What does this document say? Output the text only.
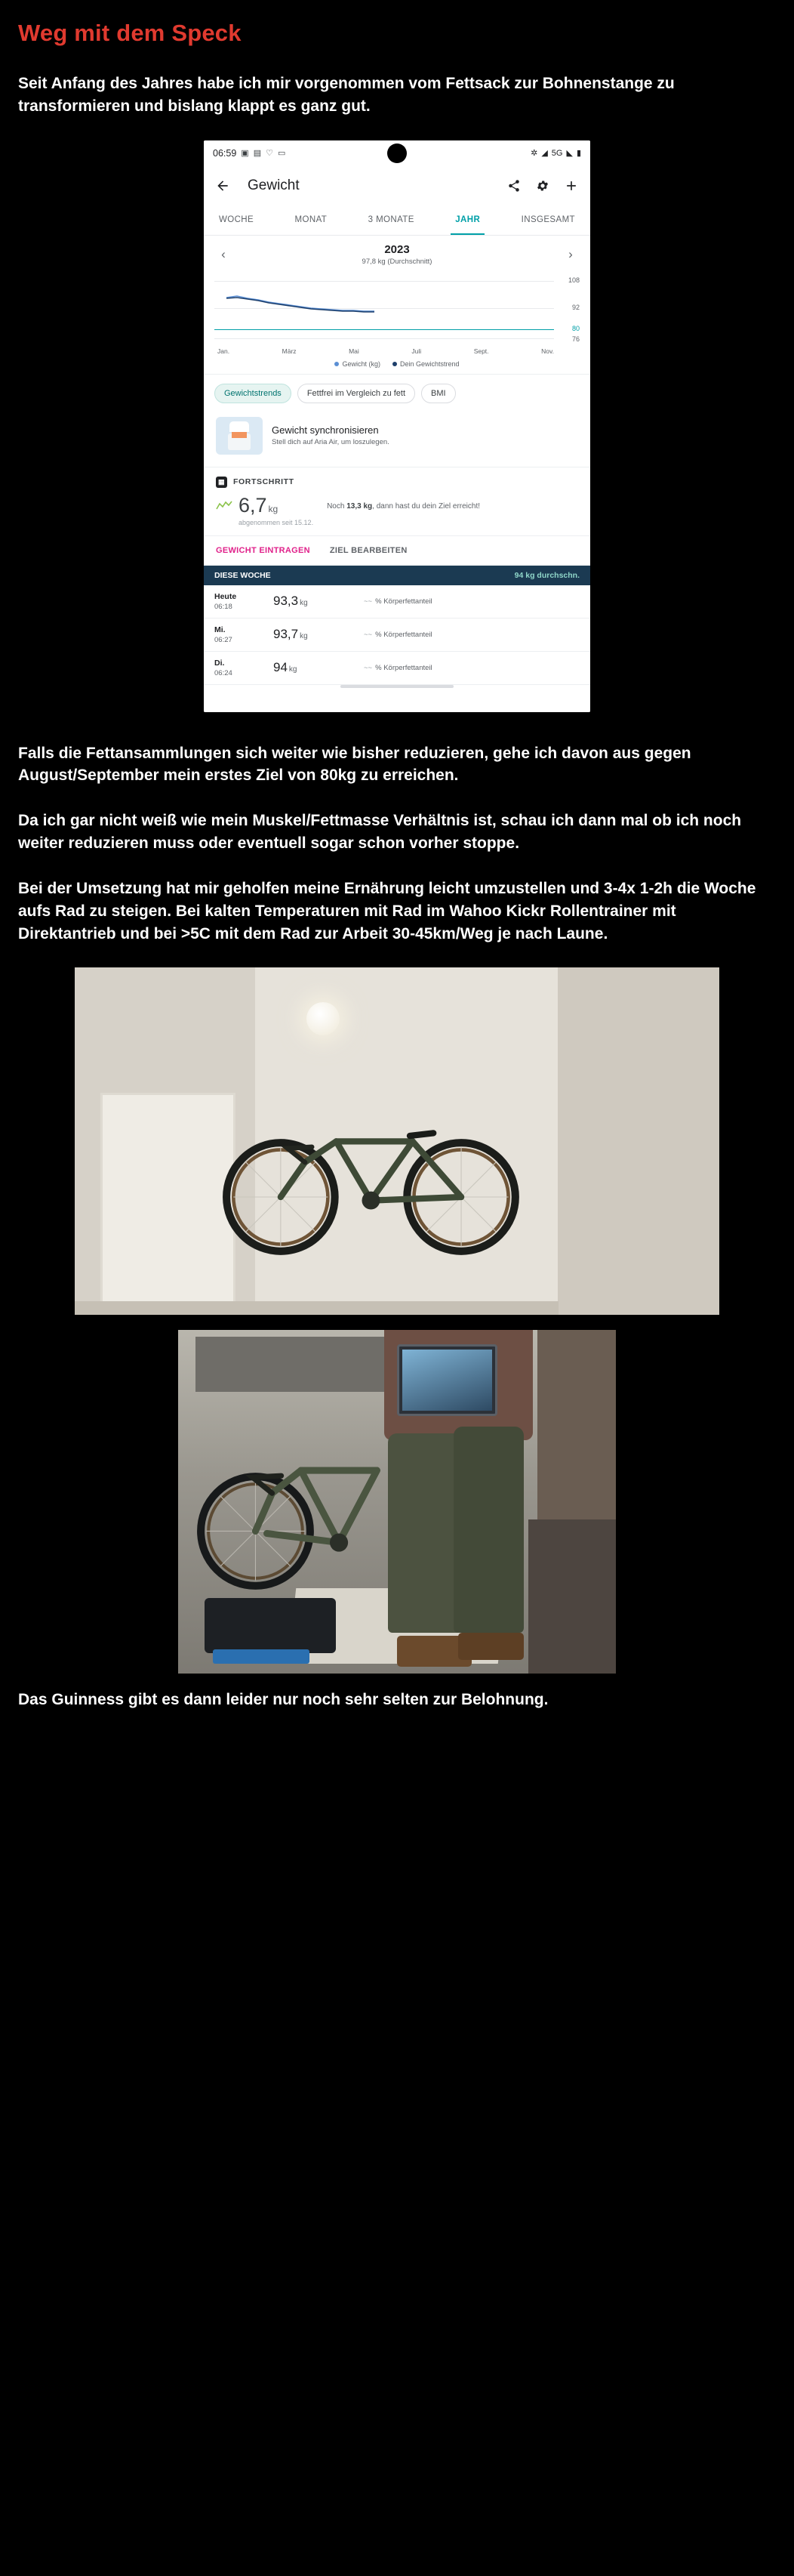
Weg mit dem Speck

Seit Anfang des Jahres habe ich mir vorgenommen vom Fettsack zur Bohnenstange zu transformieren und bislang klappt es ganz gut.

06:59 ▣ ▤ ♡ ▭	✲ ◢ 5G ◣ ▮
Gewicht
WOCHE	MONAT	3 MONATE	JAHR	INSGESAMT
‹	2023
97,8 kg (Durchschnitt)
›
108
92
80
76
Jan.	März	Mai	Juli	Sept.	Nov.
Gewicht (kg)	Dein Gewichtstrend
Gewichtstrends	Fettfrei im Vergleich zu fett	BMI
Gewicht synchronisieren
Stell dich auf Aria Air, um loszulegen.
▦ FORTSCHRITT
6,7 kg
abgenommen seit 15.12.
Noch 13,3 kg, dann hast du dein Ziel erreicht!
GEWICHT EINTRAGEN ZIEL BEARBEITEN
DIESE WOCHE	94 kg durchschn.
Heute
06:18	93,3 kg	~~ % Körperfettanteil
Mi.
06:27	93,7 kg	~~ % Körperfettanteil
Di.
06:24	94 kg	~~ % Körperfettanteil

Falls die Fettansammlungen sich weiter wie bisher reduzieren, gehe ich davon aus gegen August/September mein erstes Ziel von 80kg zu erreichen.

Da ich gar nicht weiß wie mein Muskel/Fettmasse Verhältnis ist, schau ich dann mal ob ich noch weiter reduzieren muss oder eventuell sogar schon vorher stoppe.

Bei der Umsetzung hat mir geholfen meine Ernährung leicht umzustellen und 3-4x 1-2h die Woche aufs Rad zu steigen. Bei kalten Temperaturen mit Rad im Wahoo Kickr Rollentrainer mit Direktantrieb und bei >5C mit dem Rad zur Arbeit 30-45km/Weg je nach Laune.

Das Guinness gibt es dann leider nur noch sehr selten zur Belohnung.
